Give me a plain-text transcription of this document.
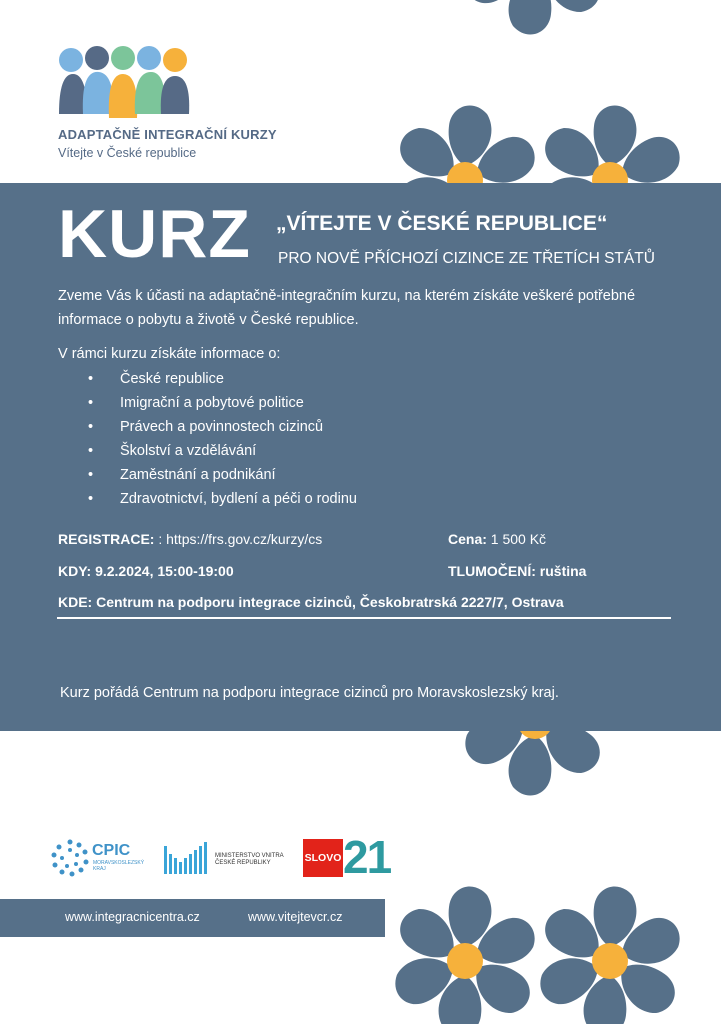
ADAPTAČNĚ INTEGRAČNÍ KURZY
Vítejte v České republice
KURZ „VÍTEJTE V ČESKÉ REPUBLICE“
PRO NOVĚ PŘÍCHOZÍ CIZINCE ZE TŘETÍCH STÁTŮ
Zveme Vás k účasti na adaptačně-integračním kurzu, na kterém získáte veškeré potřebné informace o pobytu a životě v České republice.
V rámci kurzu získáte informace o:
• České republice
• Imigrační a pobytové politice
• Právech a povinnostech cizinců
• Školství a vzdělávání
• Zaměstnání a podnikání
• Zdravotnictví, bydlení a péči o rodinu
REGISTRACE: : https://frs.gov.cz/kurzy/cs	Cena: 1 500 Kč
KDY: 9.2.2024, 15:00-19:00	TLUMOČENÍ: ruština
KDE: Centrum na podporu integrace cizinců, Českobratrská 2227/7, Ostrava
Kurz pořádá Centrum na podporu integrace cizinců pro Moravskoslezský kraj.
CPIC
MORAVSKOSLEZSKÝ KRAJ
MINISTERSTVO VNITRA ČESKÉ REPUBLIKY	SLOVO 21
www.integracnicentra.cz	www.vitejtevcr.cz
